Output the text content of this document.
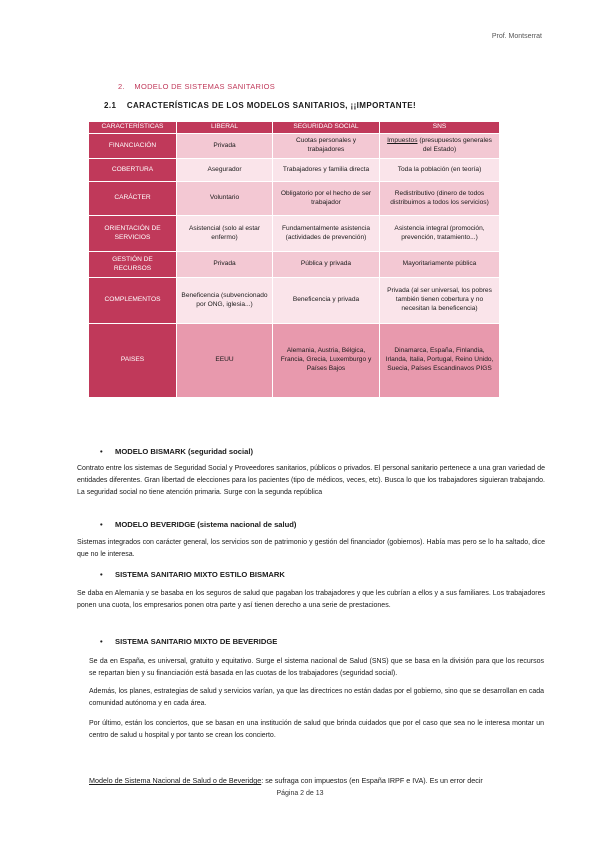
Prof. Montserrat
2. MODELO DE SISTEMAS SANITARIOS
2.1 CARACTERÍSTICAS DE LOS MODELOS SANITARIOS, ¡¡IMPORTANTE!
CARACTERÍSTICAS	LIBERAL	SEGURIDAD SOCIAL	SNS
FINANCIACIÓN	Privada	Cuotas personales y trabajadores	Impuestos (presupuestos generales del Estado)
COBERTURA	Asegurador	Trabajadores y familia directa	Toda la población (en teoría)
CARÁCTER	Voluntario	Obligatorio por el hecho de ser trabajador	Redistributivo (dinero de todos distribuimos a todos los servicios)
ORIENTACIÓN DE SERVICIOS	Asistencial (solo al estar enfermo)	Fundamentalmente asistencia (actividades de prevención)	Asistencia integral (promoción, prevención, tratamiento...)
GESTIÓN DE RECURSOS	Privada	Pública y privada	Mayoritariamente pública
COMPLEMENTOS	Beneficencia (subvencionado por ONG, iglesia...)	Beneficencia y privada	Privada (al ser universal, los pobres también tienen cobertura y no necesitan la beneficencia)
PAISES	EEUU	Alemania, Austria, Bélgica, Francia, Grecia, Luxemburgo y Países Bajos	Dinamarca, España, Finlandia, Irlanda, Italia, Portugal, Reino Unido, Suecia, Países Escandinavos PIGS
• MODELO BISMARK (seguridad social)
Contrato entre los sistemas de Seguridad Social y Proveedores sanitarios, públicos o privados. El personal sanitario pertenece a una gran variedad de entidades diferentes. Gran libertad de elecciones para los pacientes (tipo de médicos, veces, etc). Busca lo que los trabajadores siguieran trabajando. La seguridad social no tiene atención primaria. Surge con la segunda república
• MODELO BEVERIDGE (sistema nacional de salud)
Sistemas integrados con carácter general, los servicios son de patrimonio y gestión del financiador (gobiernos). Había mas pero se lo ha saltado, dice que no le interesa.
• SISTEMA SANITARIO MIXTO ESTILO BISMARK
Se daba en Alemania y se basaba en los seguros de salud que pagaban los trabajadores y que les cubrían a ellos y a sus familiares. Los trabajadores ponen una cuota, los empresarios ponen otra parte y así tienen derecho a una serie de prestaciones.
• SISTEMA SANITARIO MIXTO DE BEVERIDGE
Se da en España, es universal, gratuito y equitativo. Surge el sistema nacional de Salud (SNS) que se basa en la división para que los recursos se repartan bien y su financiación está basada en las cuotas de los trabajadores (seguridad social).
Además, los planes, estrategias de salud y servicios varían, ya que las directrices no están dadas por el gobierno, sino que se desarrollan en cada comunidad autónoma y en cada área.
Por último, están los conciertos, que se basan en una institución de salud que brinda cuidados que por el caso que sea no le interesa montar un centro de salud u hospital y por tanto se crean los concierto.
Modelo de Sistema Nacional de Salud o de Beveridge: se sufraga con impuestos (en España IRPF e IVA). Es un error decir
Página 2 de 13
